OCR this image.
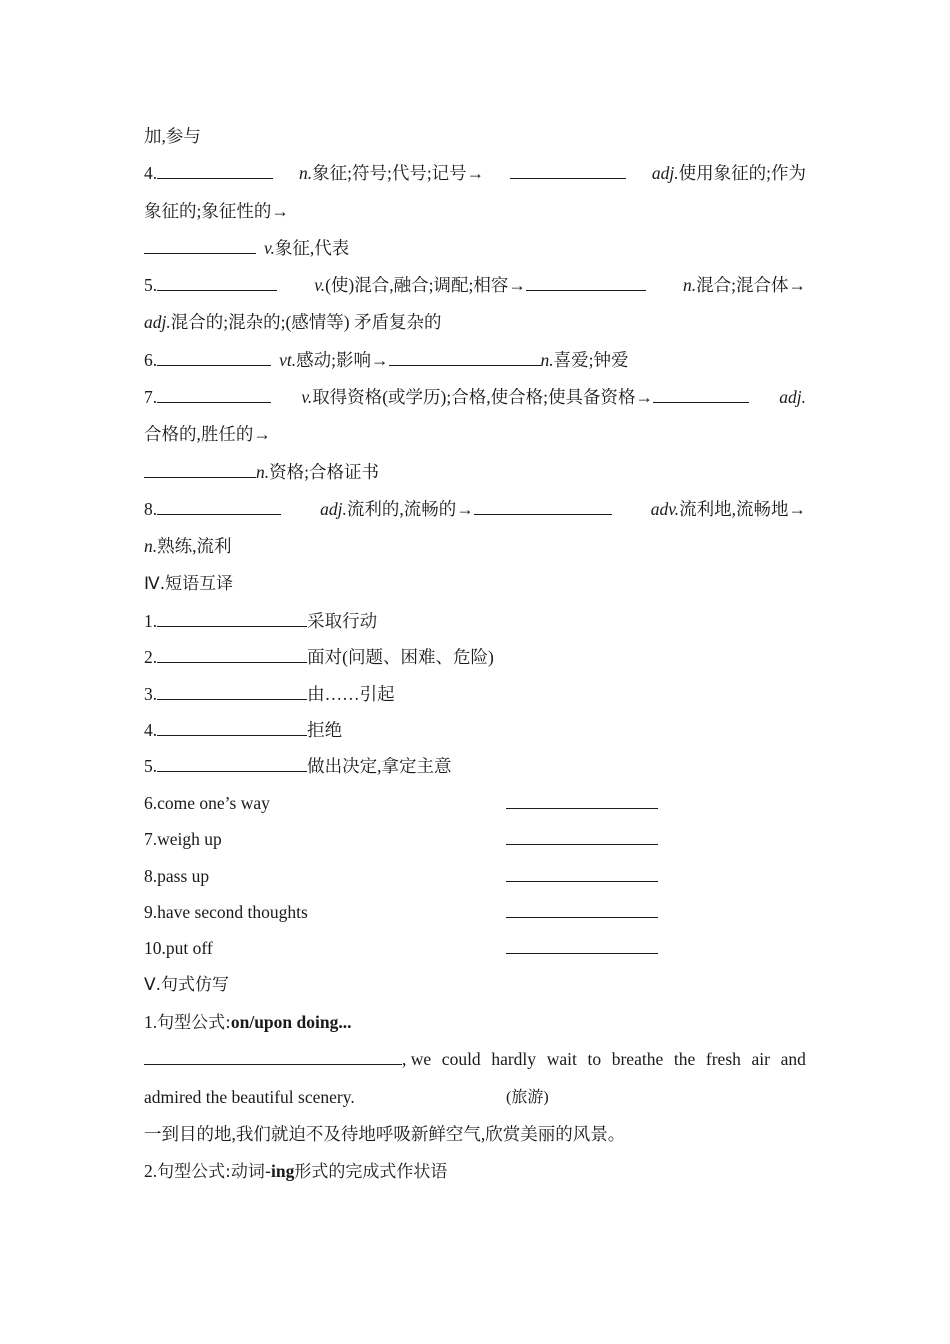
加,参与
4.	n.象征;符号;代号;记号→	adj.使用象征的;作为
象征的;象征性的→
v.象征,代表
5.	v.(使)混合,融合;调配;相容→	n.混合;混合体→
adj.混合的;混杂的;(感情等) 矛盾复杂的
6.	vt.感动;影响→	n.喜爱;钟爱
7.	v.取得资格(或学历);合格,使合格;使具备资格→	adj.
合格的,胜任的→
n.资格;合格证书
8.	adj.流利的,流畅的→	adv.流利地,流畅地→
n.熟练,流利
Ⅳ.短语互译
1.	采取行动
2.	面对(问题、困难、危险)
3.	由……引起
4.	拒绝
5.	做出决定,拿定主意
6.come one’s way
7.weigh up
8.pass up
9.have second thoughts
10.put off
Ⅴ.句式仿写
1.句型公式:on/upon doing...
, we could hardly wait to breathe the fresh air and
admired the beautiful scenery.	(旅游)
一到目的地,我们就迫不及待地呼吸新鲜空气,欣赏美丽的风景。
2.句型公式:动词-ing形式的完成式作状语
